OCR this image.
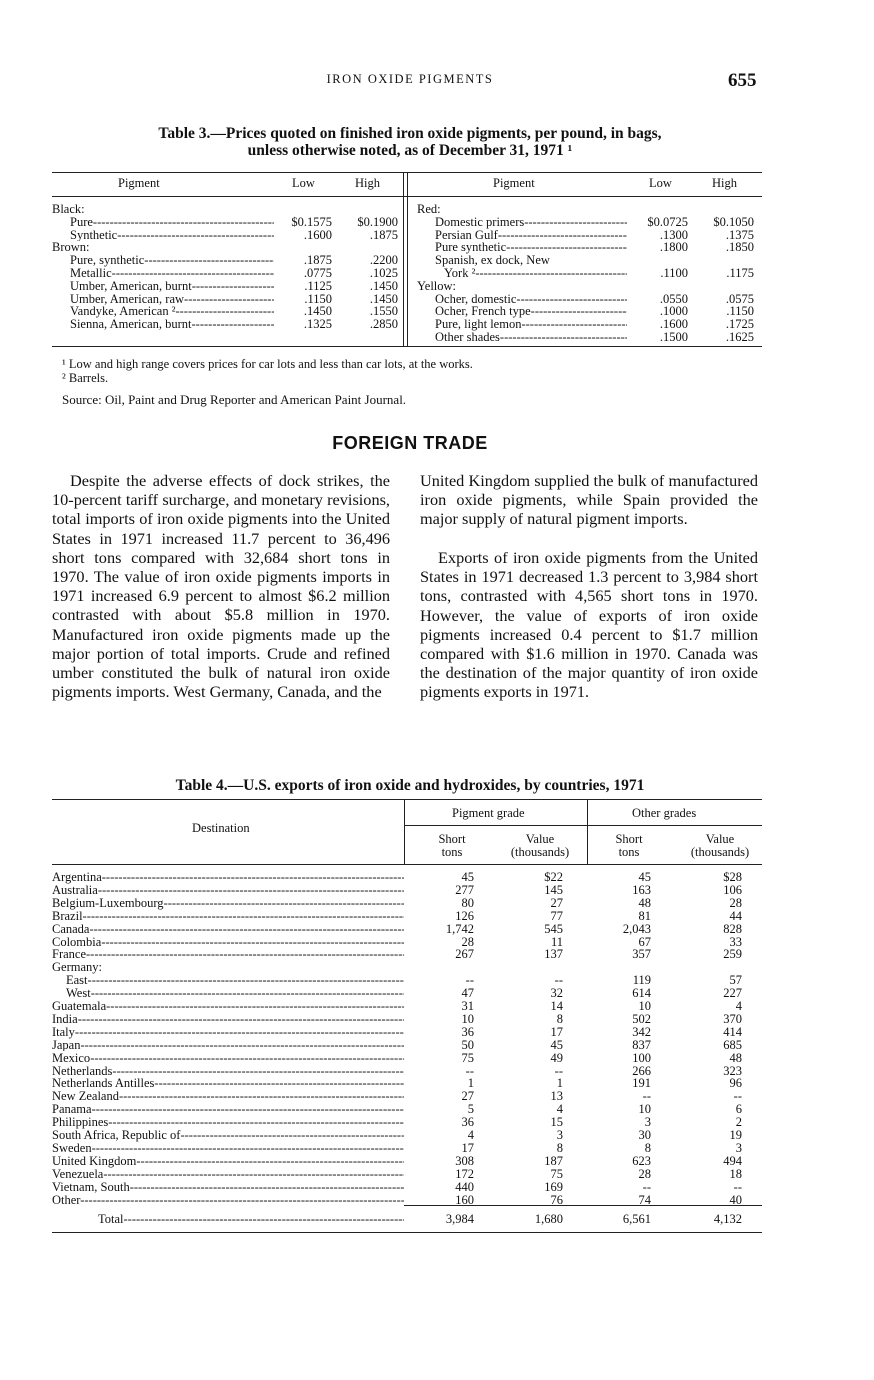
IRON OXIDE PIGMENTS	655
Table 3.—Prices quoted on finished iron oxide pigments, per pound, in bags,
unless otherwise noted, as of December 31, 1971 ¹
Pigment	Low	High	Pigment	Low	High
Black:
Pure -----	$0.1575	$0.1900
Synthetic -----	.1600	.1875
Brown:
Pure, synthetic -----	.1875	.2200
Metallic -----	.0775	.1025
Umber, American, burnt -----	.1125	.1450
Umber, American, raw -----	.1150	.1450
Vandyke, American ² -----	.1450	.1550
Sienna, American, burnt -----	.1325	.2850
Red:
Domestic primers -----	$0.0725	$0.1050
Persian Gulf -----	.1300	.1375
Pure synthetic -----	.1800	.1850
Spanish, ex dock, New
York ² -----	.1100	.1175
Yellow:
Ocher, domestic -----	.0550	.0575
Ocher, French type -----	.1000	.1150
Pure, light lemon -----	.1600	.1725
Other shades -----	.1500	.1625
¹ Low and high range covers prices for car lots and less than car lots, at the works.
² Barrels.
Source: Oil, Paint and Drug Reporter and American Paint Journal.
FOREIGN TRADE
Despite the adverse effects of dock strikes, the 10-percent tariff surcharge, and monetary revisions, total imports of iron oxide pigments into the United States in 1971 increased 11.7 percent to 36,496 short tons compared with 32,684 short tons in 1970. The value of iron oxide pigments imports in 1971 increased 6.9 percent to almost $6.2 million contrasted with about $5.8 million in 1970. Manufactured iron oxide pigments made up the major portion of total imports. Crude and refined umber constituted the bulk of natural iron oxide pigments imports. West Germany, Canada, and the
United Kingdom supplied the bulk of manufactured iron oxide pigments, while Spain provided the major supply of natural pigment imports.
Exports of iron oxide pigments from the United States in 1971 decreased 1.3 percent to 3,984 short tons, contrasted with 4,565 short tons in 1970. However, the value of exports of iron oxide pigments increased 0.4 percent to $1.7 million compared with $1.6 million in 1970. Canada was the destination of the major quantity of iron oxide pigments exports in 1971.
Table 4.—U.S. exports of iron oxide and hydroxides, by countries, 1971
Destination
Pigment grade	Other grades
Short
tons
Value
(thousands)
Short
tons
Value
(thousands)
Argentina -----	45	$22	45	$28
Australia -----	277	145	163	106
Belgium-Luxembourg -----	80	27	48	28
Brazil -----	126	77	81	44
Canada -----	1,742	545	2,043	828
Colombia -----	28	11	67	33
France -----	267	137	357	259
Germany:
East -----	--	--	119	57
West -----	47	32	614	227
Guatemala -----	31	14	10	4
India -----	10	8	502	370
Italy -----	36	17	342	414
Japan -----	50	45	837	685
Mexico -----	75	49	100	48
Netherlands -----	--	--	266	323
Netherlands Antilles -----	1	1	191	96
New Zealand -----	27	13	--	--
Panama -----	5	4	10	6
Philippines -----	36	15	3	2
South Africa, Republic of -----	4	3	30	19
Sweden -----	17	8	8	3
United Kingdom -----	308	187	623	494
Venezuela -----	172	75	28	18
Vietnam, South -----	440	169	--	--
Other -----	160	76	74	40
Total -----	3,984	1,680	6,561	4,132
